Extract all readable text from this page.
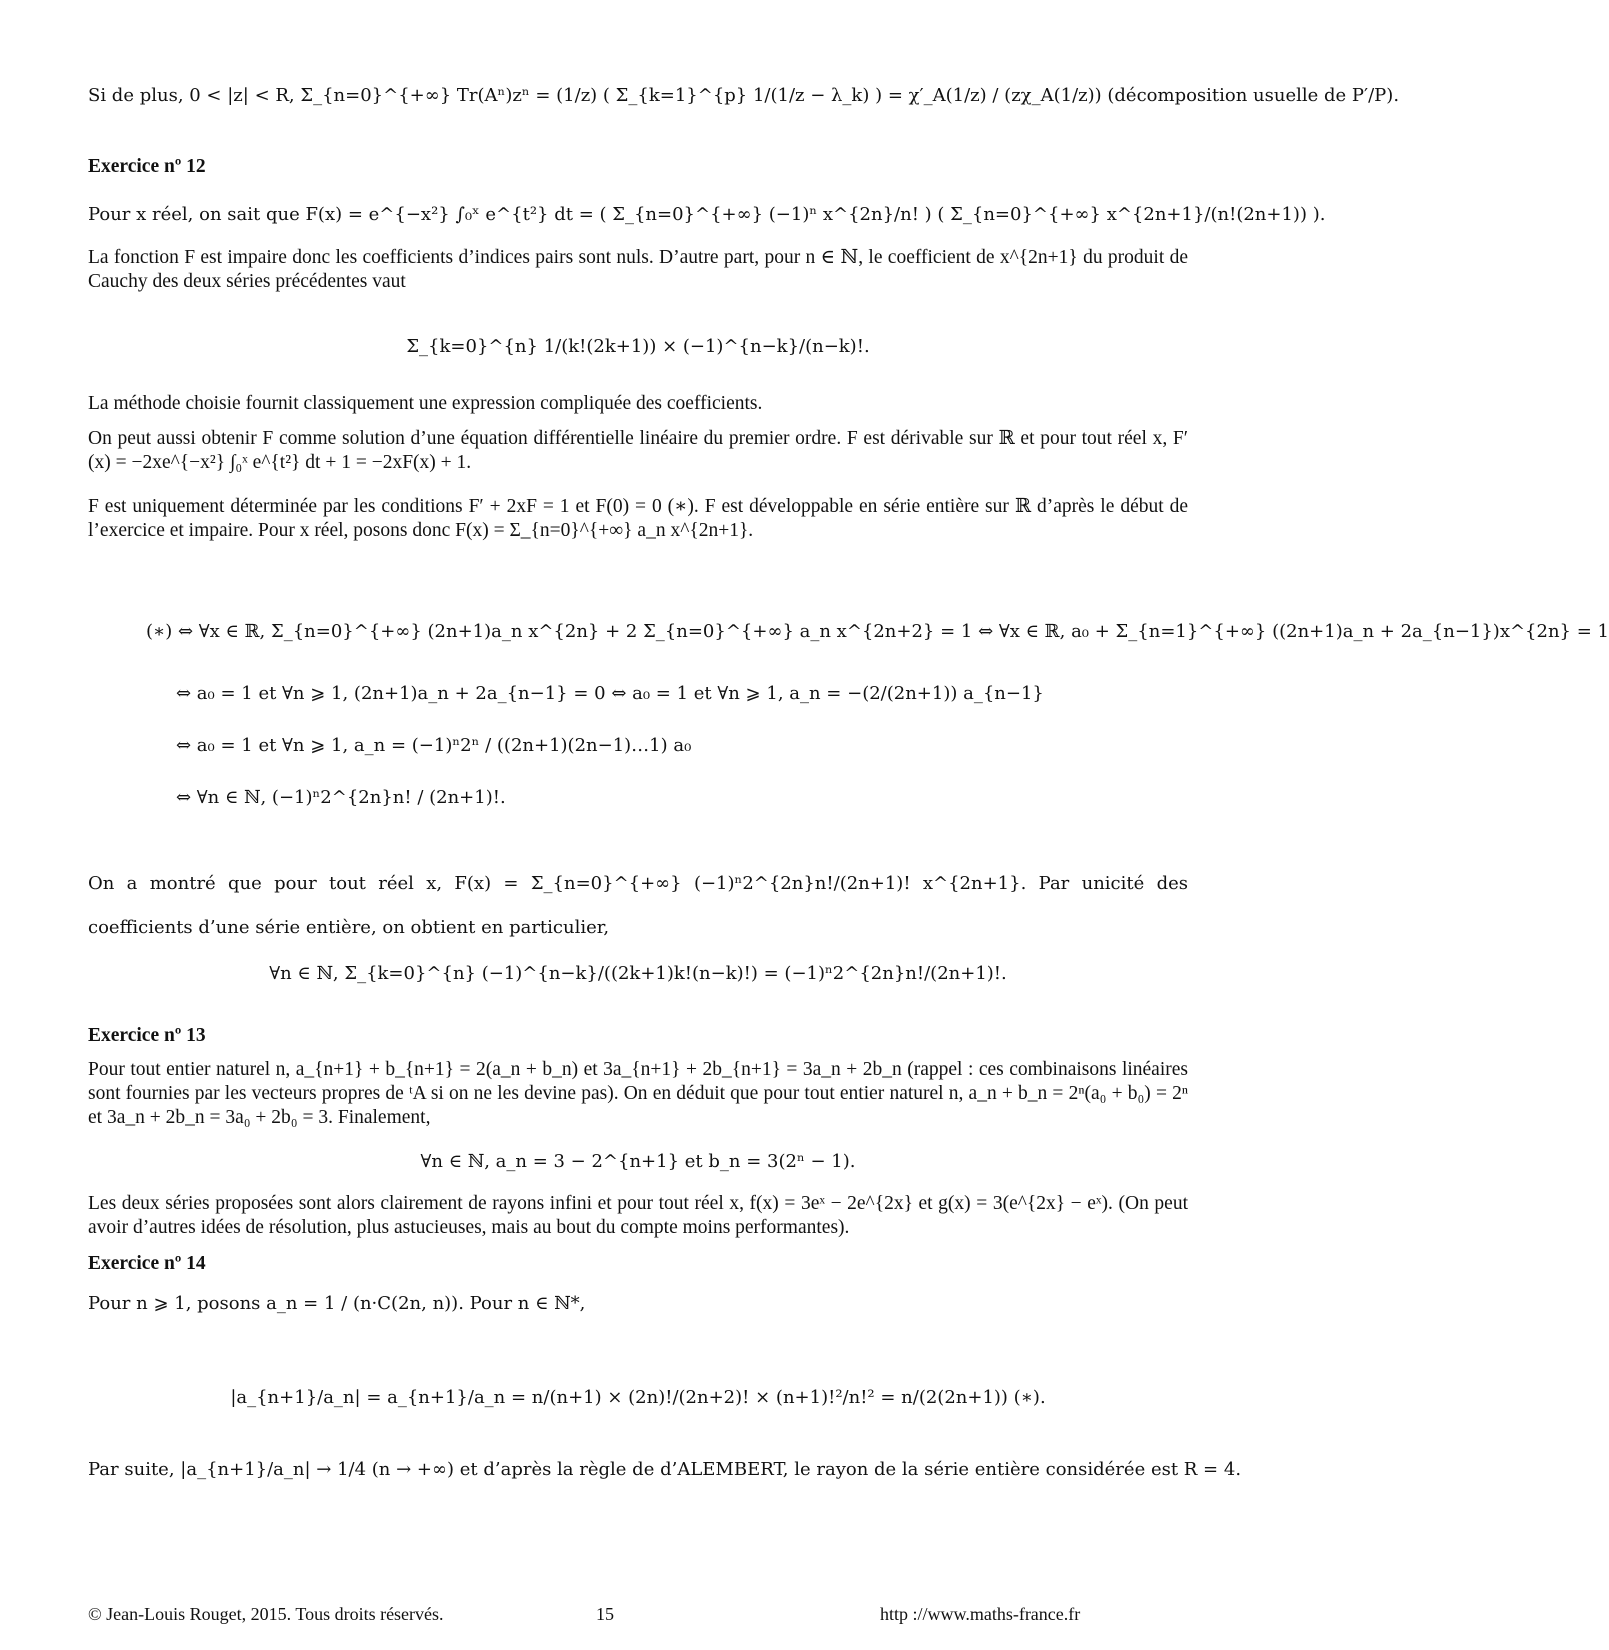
Si de plus, 0 < |z| < R, Σ_{n=0}^{+∞} Tr(Aⁿ)zⁿ = (1/z) ( Σ_{k=1}^{p} 1/(1/z − λ_k) ) = χ′_A(1/z) / (zχ_A(1/z)) (décomposition usuelle de P′/P).
Exercice nº 12
Pour x réel, on sait que F(x) = e^{−x²} ∫₀ˣ e^{t²} dt = ( Σ_{n=0}^{+∞} (−1)ⁿ x^{2n}/n! ) ( Σ_{n=0}^{+∞} x^{2n+1}/(n!(2n+1)) ).
La fonction F est impaire donc les coefficients d’indices pairs sont nuls. D’autre part, pour n ∈ ℕ, le coefficient de x^{2n+1} du produit de Cauchy des deux séries précédentes vaut
Σ_{k=0}^{n} 1/(k!(2k+1)) × (−1)^{n−k}/(n−k)!.
La méthode choisie fournit classiquement une expression compliquée des coefficients.
On peut aussi obtenir F comme solution d’une équation différentielle linéaire du premier ordre. F est dérivable sur ℝ et pour tout réel x, F′(x) = −2xe^{−x²} ∫₀ˣ e^{t²} dt + 1 = −2xF(x) + 1.
F est uniquement déterminée par les conditions F′ + 2xF = 1 et F(0) = 0 (∗). F est développable en série entière sur ℝ d’après le début de l’exercice et impaire. Pour x réel, posons donc F(x) = Σ_{n=0}^{+∞} a_n x^{2n+1}.
(∗) ⇔ ∀x ∈ ℝ, Σ_{n=0}^{+∞} (2n+1)a_n x^{2n} + 2 Σ_{n=0}^{+∞} a_n x^{2n+2} = 1 ⇔ ∀x ∈ ℝ, a₀ + Σ_{n=1}^{+∞} ((2n+1)a_n + 2a_{n−1})x^{2n} = 1
⇔ a₀ = 1 et ∀n ⩾ 1, (2n+1)a_n + 2a_{n−1} = 0 ⇔ a₀ = 1 et ∀n ⩾ 1, a_n = −(2/(2n+1)) a_{n−1}
⇔ a₀ = 1 et ∀n ⩾ 1, a_n = (−1)ⁿ2ⁿ / ((2n+1)(2n−1)…1) a₀
⇔ ∀n ∈ ℕ, (−1)ⁿ2^{2n}n! / (2n+1)!.
On a montré que pour tout réel x, F(x) = Σ_{n=0}^{+∞} (−1)ⁿ2^{2n}n!/(2n+1)! x^{2n+1}. Par unicité des coefficients d’une série entière, on obtient en particulier,
∀n ∈ ℕ, Σ_{k=0}^{n} (−1)^{n−k}/((2k+1)k!(n−k)!) = (−1)ⁿ2^{2n}n!/(2n+1)!.
Exercice nº 13
Pour tout entier naturel n, a_{n+1} + b_{n+1} = 2(a_n + b_n) et 3a_{n+1} + 2b_{n+1} = 3a_n + 2b_n (rappel : ces combinaisons linéaires sont fournies par les vecteurs propres de ᵗA si on ne les devine pas). On en déduit que pour tout entier naturel n, a_n + b_n = 2ⁿ(a₀ + b₀) = 2ⁿ et 3a_n + 2b_n = 3a₀ + 2b₀ = 3. Finalement,
∀n ∈ ℕ, a_n = 3 − 2^{n+1} et b_n = 3(2ⁿ − 1).
Les deux séries proposées sont alors clairement de rayons infini et pour tout réel x, f(x) = 3eˣ − 2e^{2x} et g(x) = 3(e^{2x} − eˣ). (On peut avoir d’autres idées de résolution, plus astucieuses, mais au bout du compte moins performantes).
Exercice nº 14
Pour n ⩾ 1, posons a_n = 1 / (n·C(2n, n)). Pour n ∈ ℕ*,
|a_{n+1}/a_n| = a_{n+1}/a_n = n/(n+1) × (2n)!/(2n+2)! × (n+1)!²/n!² = n/(2(2n+1)) (∗).
Par suite, |a_{n+1}/a_n| → 1/4 (n → +∞) et d’après la règle de d’ALEMBERT, le rayon de la série entière considérée est R = 4.
© Jean-Louis Rouget, 2015. Tous droits réservés.	15	http ://www.maths-france.fr
